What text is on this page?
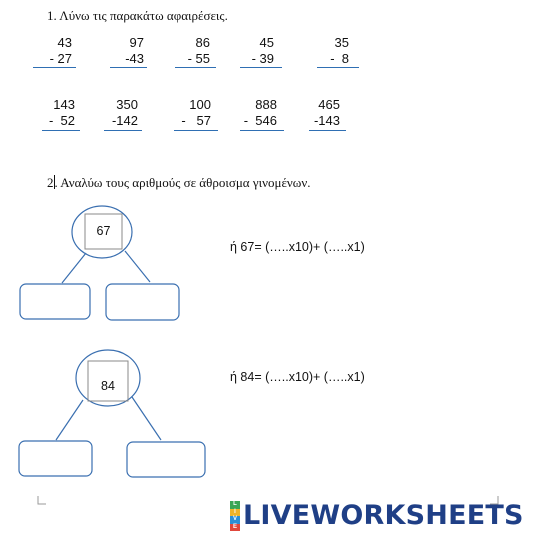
1. Λύνω τις παρακάτω αφαιρέσεις.
43
- 27
97
-43
86
- 55
45
- 39
35
-  8
143
-  52
350
-142
100
-   57
888
-  546
465
-143
2. Αναλύω τους αριθμούς σε άθροισμα γινομένων.
67
84
ή 67= (…..x10)+ (…..x1)
ή 84= (…..x10)+ (…..x1)
L
I
V
E LIVEWORKSHEETS
